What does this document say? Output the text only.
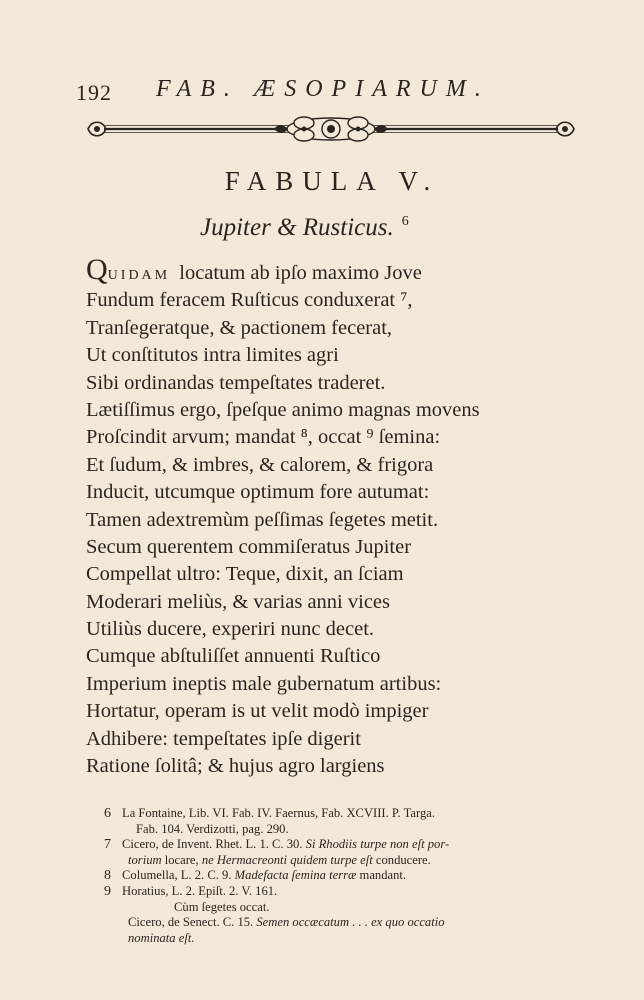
192 FAB. ÆSOPIARUM.
FABULA V.
Jupiter & Rusticus. $^6$
QUIDAM locatum ab ipſo maximo Jove
Fundum feracem Ruſticus conduxerat ⁷,
Tranſegeratque, & pactionem fecerat,
Ut conſtitutos intra limites agri
Sibi ordinandas tempeſtates traderet.
Lætiſſimus ergo, ſpeſque animo magnas movens
Proſcindit arvum; mandat ⁸, occat ⁹ ſemina:
Et ſudum, & imbres, & calorem, & frigora
Inducit, utcumque optimum fore autumat:
Tamen adextremùm peſſimas ſegetes metit.
Secum querentem commiſeratus Jupiter
Compellat ultro: Teque, dixit, an ſciam
Moderari meliùs, & varias anni vices
Utiliùs ducere, experiri nunc decet.
Cumque abſtuliſſet annuenti Ruſtico
Imperium ineptis male gubernatum artibus:
Hortatur, operam is ut velit modò impiger
Adhibere: tempeſtates ipſe digerit
Ratione ſolitâ; & hujus agro largiens
6 La Fontaine, Lib. VI. Fab. IV. Faernus, Fab. XCVIII. P. Targa.
Fab. 104. Verdizotti, pag. 290.
7 Cicero, de Invent. Rhet. L. 1. C. 30. Si Rhodiis turpe non eſt por-
torium locare, ne Hermacreonti quidem turpe eſt conducere.
8 Columella, L. 2. C. 9. Madefacta ſemina terræ mandant.
9 Horatius, L. 2. Epiſt. 2. V. 161.
Cùm ſegetes occat.
Cicero, de Senect. C. 15. Semen occæcatum . . . ex quo occatio
nominata eſt.
